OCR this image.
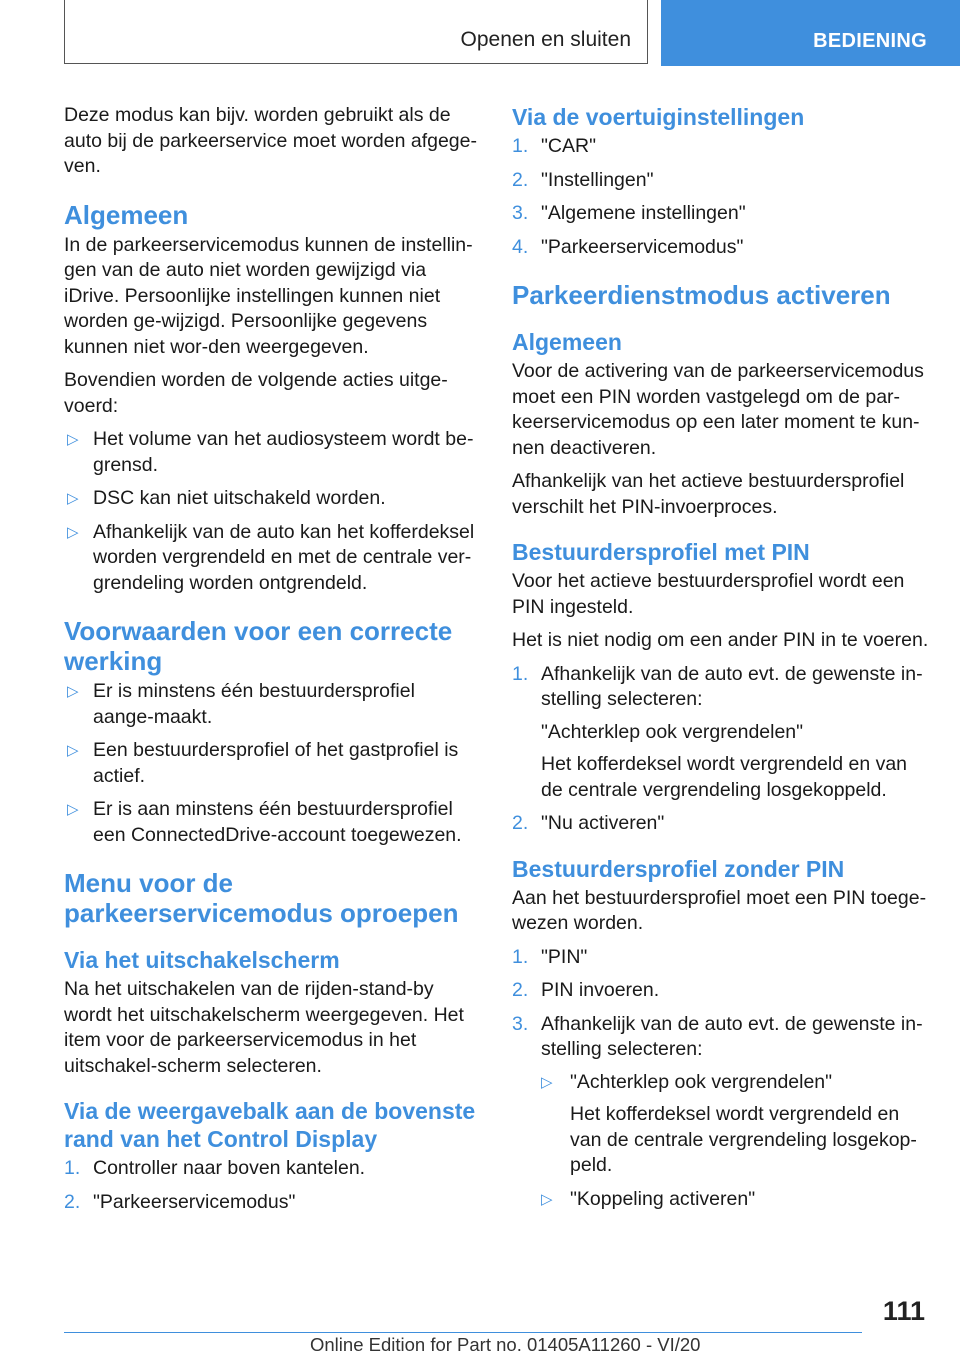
Openen en sluiten	BEDIENING

Deze modus kan bijv. worden gebruikt als de auto bij de parkeerservice moet worden afgege-ven.

Algemeen

In de parkeerservicemodus kunnen de instellin-gen van de auto niet worden gewijzigd via iDrive. Persoonlijke instellingen kunnen niet worden ge-wijzigd. Persoonlijke gegevens kunnen niet wor-den weergegeven.

Bovendien worden de volgende acties uitge-voerd:

▷ Het volume van het audiosysteem wordt be-grensd.
▷ DSC kan niet uitschakeld worden.
▷ Afhankelijk van de auto kan het kofferdeksel worden vergrendeld en met de centrale ver-grendeling worden ontgrendeld.
Voorwaarden voor een correcte werking
▷ Er is minstens één bestuurdersprofiel aange-maakt.
▷ Een bestuurdersprofiel of het gastprofiel is actief.
▷ Er is aan minstens één bestuurdersprofiel een ConnectedDrive-account toegewezen.
Menu voor de parkeerservicemodus oproepen
Via het uitschakelscherm

Na het uitschakelen van de rijden-stand-by wordt het uitschakelscherm weergegeven. Het item voor de parkeerservicemodus in het uitschakel-scherm selecteren.

Via de weergavebalk aan de bovenste rand van het Control Display
1. Controller naar boven kantelen.
2. "Parkeerservicemodus"
Via de voertuiginstellingen
1. "CAR"
2. "Instellingen"
3. "Algemene instellingen"
4. "Parkeerservicemodus"
Parkeerdienstmodus activeren
Algemeen

Voor de activering van de parkeerservicemodus moet een PIN worden vastgelegd om de par-keerservicemodus op een later moment te kun-nen deactiveren.

Afhankelijk van het actieve bestuurdersprofiel verschilt het PIN-invoerproces.

Bestuurdersprofiel met PIN

Voor het actieve bestuurdersprofiel wordt een PIN ingesteld.

Het is niet nodig om een ander PIN in te voeren.

1. Afhankelijk van de auto evt. de gewenste in-stelling selecteren:
"Achterklep ook vergrendelen"
Het kofferdeksel wordt vergrendeld en van de centrale vergrendeling losgekoppeld.
2. "Nu activeren"
Bestuurdersprofiel zonder PIN

Aan het bestuurdersprofiel moet een PIN toege-wezen worden.

1. "PIN"
2. PIN invoeren.
3. Afhankelijk van de auto evt. de gewenste in-stelling selecteren:
▷ "Achterklep ook vergrendelen"
Het kofferdeksel wordt vergrendeld en van de centrale vergrendeling losgekop-peld.
▷ "Koppeling activeren"
111
Online Edition for Part no. 01405A11260 - VI/20
